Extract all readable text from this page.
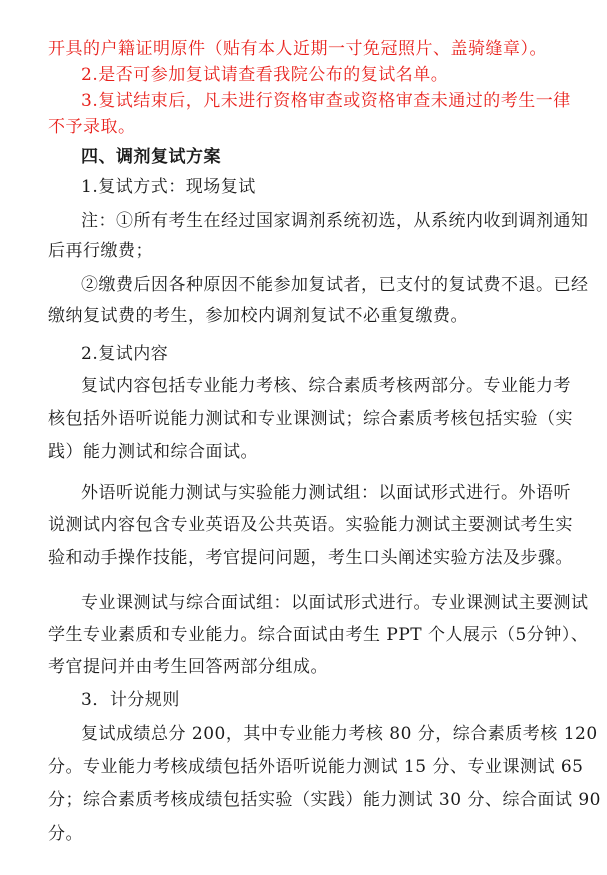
开具的户籍证明原件（贴有本人近期一寸免冠照片、盖骑缝章）。
2.是否可参加复试请查看我院公布的复试名单。
3.复试结束后，凡未进行资格审查或资格审查未通过的考生一律
不予录取。
四、调剂复试方案
1.复试方式：现场复试
注：①所有考生在经过国家调剂系统初选，从系统内收到调剂通知
后再行缴费；
②缴费后因各种原因不能参加复试者，已支付的复试费不退。已经
缴纳复试费的考生，参加校内调剂复试不必重复缴费。
2.复试内容
复试内容包括专业能力考核、综合素质考核两部分。专业能力考
核包括外语听说能力测试和专业课测试；综合素质考核包括实验（实
践）能力测试和综合面试。
外语听说能力测试与实验能力测试组：以面试形式进行。外语听
说测试内容包含专业英语及公共英语。实验能力测试主要测试考生实
验和动手操作技能，考官提问问题，考生口头阐述实验方法及步骤。
专业课测试与综合面试组：以面试形式进行。专业课测试主要测试
学生专业素质和专业能力。综合面试由考生 PPT 个人展示（5分钟）、
考官提问并由考生回答两部分组成。
3．计分规则
复试成绩总分 200，其中专业能力考核 80 分，综合素质考核 120
分。专业能力考核成绩包括外语听说能力测试 15 分、专业课测试 65
分；综合素质考核成绩包括实验（实践）能力测试 30 分、综合面试 90
分。
